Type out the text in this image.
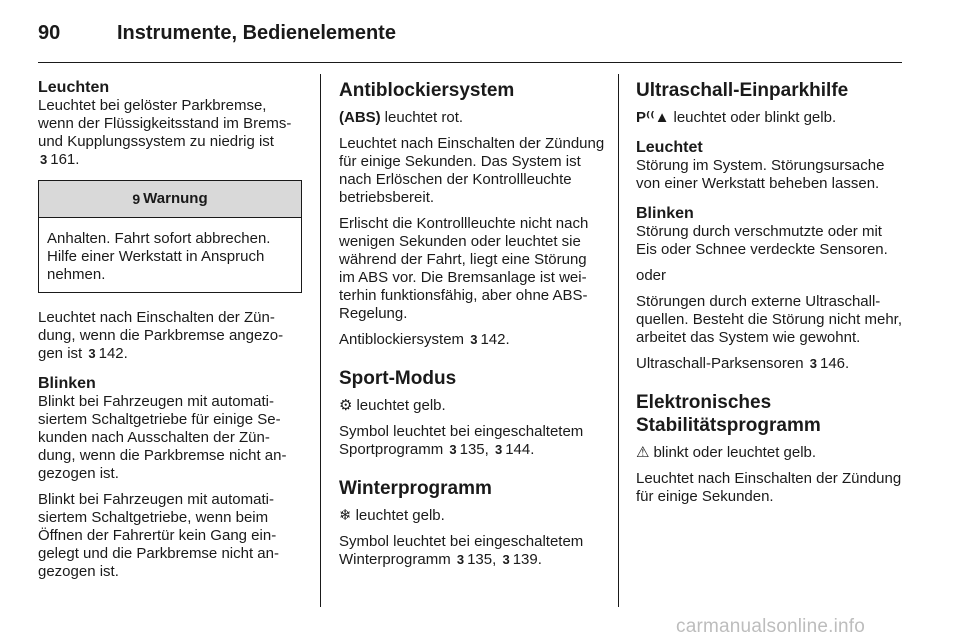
90	Instrumente, Bedienelemente
Leuchten

Leuchtet bei gelöster Parkbremse, wenn der Flüssigkeitsstand im Brems- und Kupplungssystem zu niedrig ist 3 161.

9 Warnung
Anhalten. Fahrt sofort abbrechen. Hilfe einer Werkstatt in Anspruch nehmen.

Leuchtet nach Einschalten der Zündung, wenn die Parkbremse angezogen ist 3 142.

Blinken

Blinkt bei Fahrzeugen mit automatisiertem Schaltgetriebe für einige Sekunden nach Ausschalten der Zündung, wenn die Parkbremse nicht angezogen ist.

Blinkt bei Fahrzeugen mit automatisiertem Schaltgetriebe, wenn beim Öffnen der Fahrertür kein Gang eingelegt und die Parkbremse nicht angezogen ist.

Antiblockiersystem

(ABS) leuchtet rot.

Leuchtet nach Einschalten der Zündung für einige Sekunden. Das System ist nach Erlöschen der Kontrollleuchte betriebsbereit.

Erlischt die Kontrollleuchte nicht nach wenigen Sekunden oder leuchtet sie während der Fahrt, liegt eine Störung im ABS vor. Die Bremsanlage ist weiterhin funktionsfähig, aber ohne ABS-Regelung.

Antiblockiersystem 3 142.

Sport-Modus

⚙ leuchtet gelb.

Symbol leuchtet bei eingeschaltetem Sportprogramm 3 135, 3 144.

Winterprogramm

❄ leuchtet gelb.

Symbol leuchtet bei eingeschaltetem Winterprogramm 3 135, 3 139.

Ultraschall-Einparkhilfe

P⁽⁽▲ leuchtet oder blinkt gelb.

Leuchtet

Störung im System. Störungsursache von einer Werkstatt beheben lassen.

Blinken

Störung durch verschmutzte oder mit Eis oder Schnee verdeckte Sensoren.

oder

Störungen durch externe Ultraschallquellen. Besteht die Störung nicht mehr, arbeitet das System wie gewohnt.

Ultraschall-Parksensoren 3 146.

Elektronisches Stabilitätsprogramm

⚠ blinkt oder leuchtet gelb.

Leuchtet nach Einschalten der Zündung für einige Sekunden.

carmanualsonline.info
